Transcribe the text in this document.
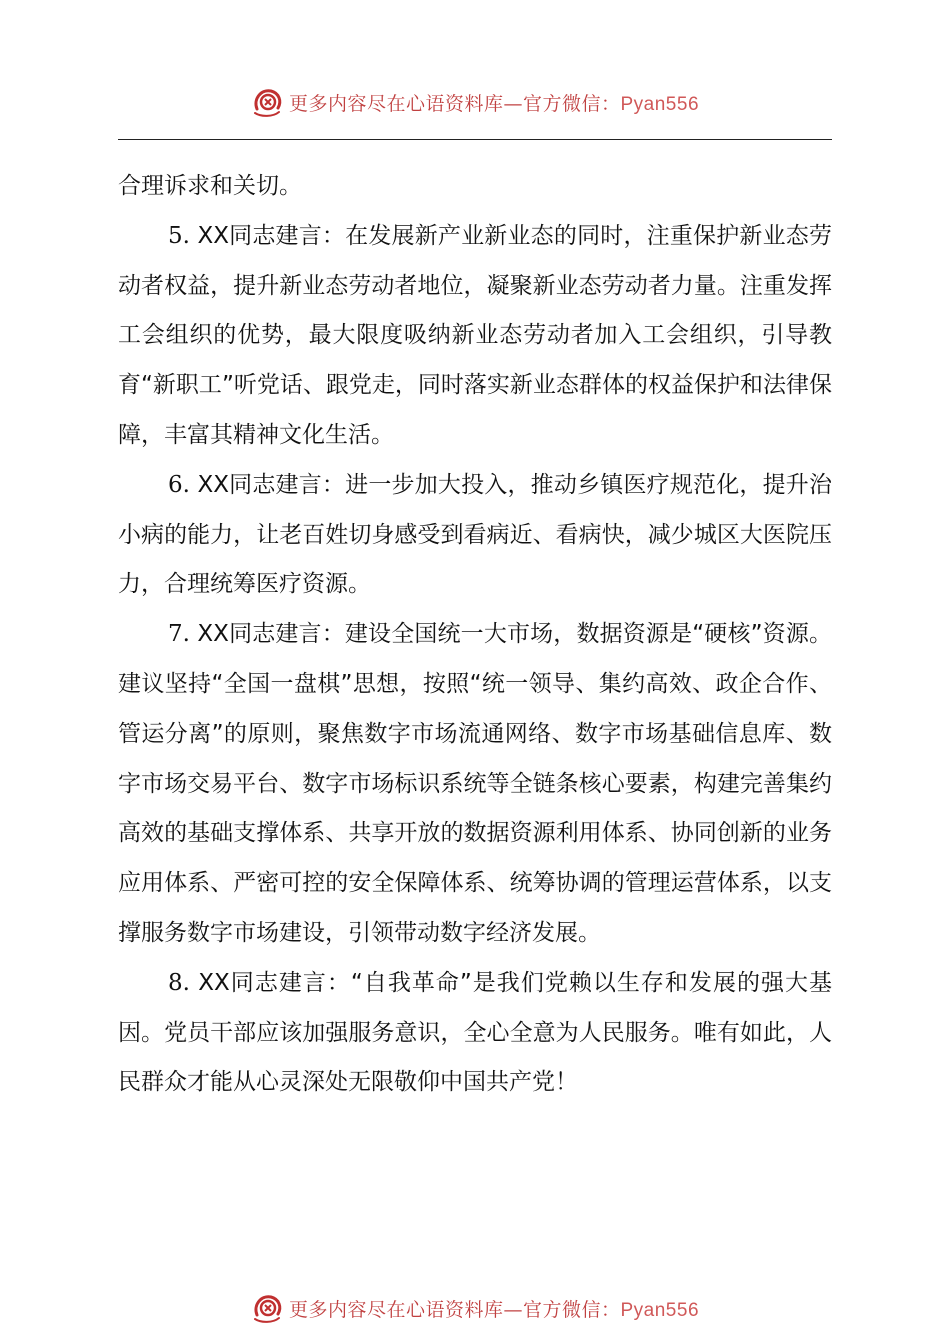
更多内容尽在心语资料库—官方微信：Pyan556

合理诉求和关切。

5. XX同志建言：在发展新产业新业态的同时，注重保护新业态劳动者权益，提升新业态劳动者地位，凝聚新业态劳动者力量。注重发挥工会组织的优势，最大限度吸纳新业态劳动者加入工会组织，引导教育“新职工”听党话、跟党走，同时落实新业态群体的权益保护和法律保障，丰富其精神文化生活。

6. XX同志建言：进一步加大投入，推动乡镇医疗规范化，提升治小病的能力，让老百姓切身感受到看病近、看病快，减少城区大医院压力，合理统筹医疗资源。

7. XX同志建言：建设全国统一大市场，数据资源是“硬核”资源。建议坚持“全国一盘棋”思想，按照“统一领导、集约高效、政企合作、管运分离”的原则，聚焦数字市场流通网络、数字市场基础信息库、数字市场交易平台、数字市场标识系统等全链条核心要素，构建完善集约高效的基础支撑体系、共享开放的数据资源利用体系、协同创新的业务应用体系、严密可控的安全保障体系、统筹协调的管理运营体系，以支撑服务数字市场建设，引领带动数字经济发展。

8. XX同志建言：“自我革命”是我们党赖以生存和发展的强大基因。党员干部应该加强服务意识，全心全意为人民服务。唯有如此，人民群众才能从心灵深处无限敬仰中国共产党！

更多内容尽在心语资料库—官方微信：Pyan556
